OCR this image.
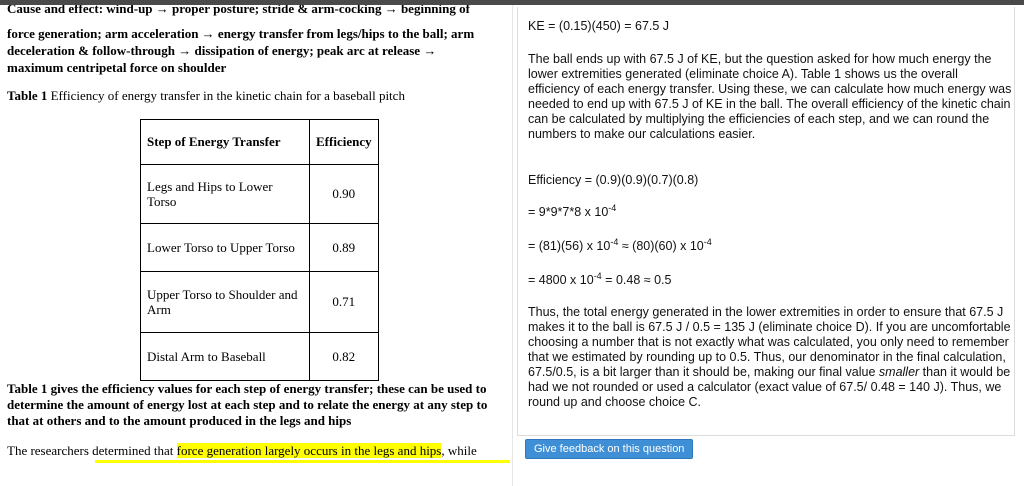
Cause and effect: wind-up → proper posture; stride & arm-cocking → beginning of
force generation; arm acceleration → energy transfer from legs/hips to the ball; arm
deceleration & follow-through → dissipation of energy; peak arc at release →
maximum centripetal force on shoulder
Table 1 Efficiency of energy transfer in the kinetic chain for a baseball pitch
Step of Energy Transfer	Efficiency
Legs and Hips to Lower Torso	0.90
Lower Torso to Upper Torso	0.89
Upper Torso to Shoulder and Arm	0.71
Distal Arm to Baseball	0.82
Table 1 gives the efficiency values for each step of energy transfer; these can be used to determine the amount of energy lost at each step and to relate the energy at any step to that at others and to the amount produced in the legs and hips
The researchers determined that force generation largely occurs in the legs and hips, while
KE = (0.15)(450) = 67.5 J
The ball ends up with 67.5 J of KE, but the question asked for how much energy the lower extremities generated (eliminate choice A). Table 1 shows us the overall efficiency of each energy transfer. Using these, we can calculate how much energy was needed to end up with 67.5 J of KE in the ball. The overall efficiency of the kinetic chain can be calculated by multiplying the efficiencies of each step, and we can round the numbers to make our calculations easier.
Efficiency = (0.9)(0.9)(0.7)(0.8)
= 9*9*7*8 x $10^{-4}$
= (81)(56) x $10^{-4} \approx (80)(60)$ x $10^{-4}$
= 4800 x $10^{-4} = 0.48 \approx 0.5$
Thus, the total energy generated in the lower extremities in order to ensure that 67.5 J makes it to the ball is 67.5 J / 0.5 = 135 J (eliminate choice D). If you are uncomfortable choosing a number that is not exactly what was calculated, you only need to remember that we estimated by rounding up to 0.5. Thus, our denominator in the final calculation, 67.5/0.5, is a bit larger than it should be, making our final value smaller than it would be had we not rounded or used a calculator (exact value of 67.5/ 0.48 = 140 J). Thus, we round up and choose choice C.
Give feedback on this question
